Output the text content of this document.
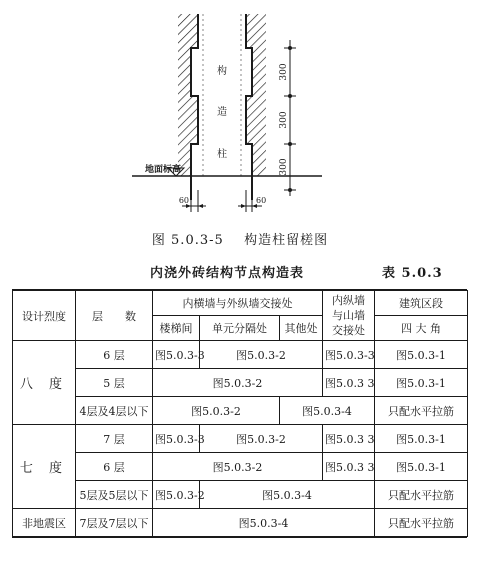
构
造
柱
地面标高
300
300
300
60	60
图 5.0.3-5 构造柱留槎图
内浇外砖结构节点构造表	表 5.0.3
设计烈度	层　　数	内横墙与外纵墙交接处			内纵墙与山墙交接处	建筑区段
		楼梯间	单元分隔处	其他处		四 大 角
八 度	6 层	图5.0.3-3	图5.0.3-2		图5.0.3-3	图5.0.3-1
	5 层	图5.0.3-2			图5.0.3 3	图5.0.3-1
	4层及4层以下	图5.0.3-2		图5.0.3-4		只配水平拉筋
七 度	7 层	图5.0.3-3	图5.0.3-2		图5.0.3 3	图5.0.3-1
	6 层	图5.0.3-2			图5.0.3 3	图5.0.3-1
	5层及5层以下	图5.0.3-2	图5.0.3-4			只配水平拉筋
非地震区	7层及7层以下	图5.0.3-4				只配水平拉筋
